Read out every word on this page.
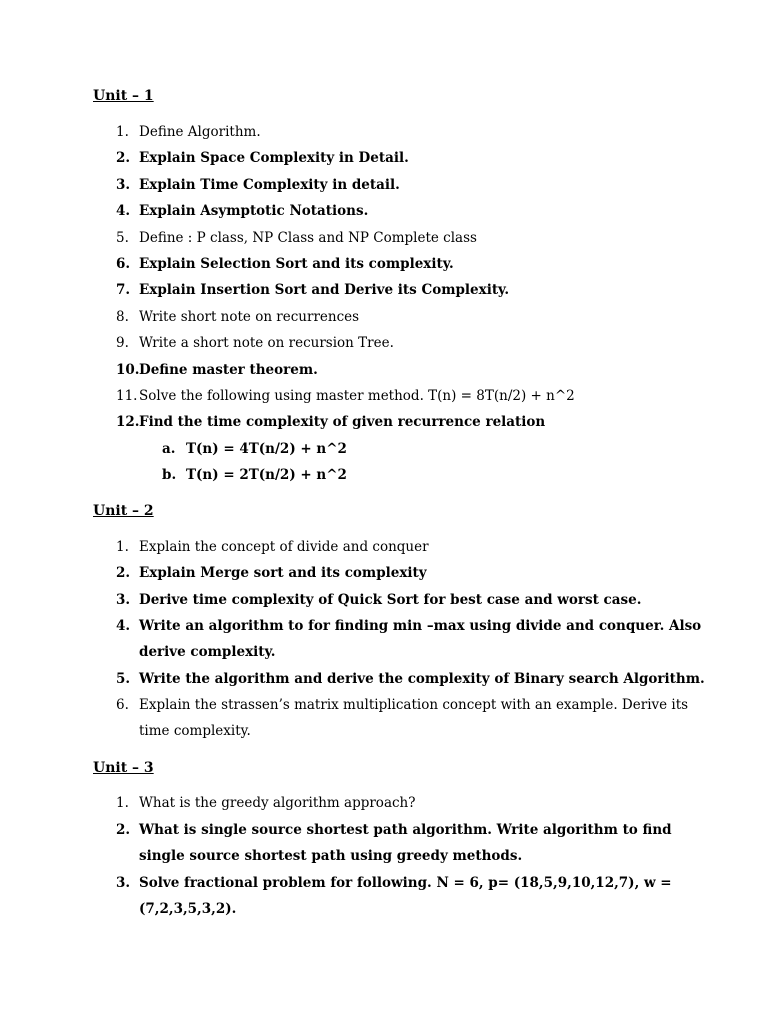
Unit – 1
1. Define Algorithm.
2. Explain Space Complexity in Detail.
3. Explain Time Complexity in detail.
4. Explain Asymptotic Notations.
5. Define : P class, NP Class and NP Complete class
6. Explain Selection Sort and its complexity.
7. Explain Insertion Sort and Derive its Complexity.
8. Write short note on recurrences
9. Write a short note on recursion Tree.
10. Define master theorem.
11. Solve the following using master method. T(n) = 8T(n/2) + n^2
12. Find the time complexity of given recurrence relation
a. T(n) = 4T(n/2) + n^2
b. T(n) = 2T(n/2) + n^2
Unit – 2
1. Explain the concept of divide and conquer
2. Explain Merge sort and its complexity
3. Derive time complexity of Quick Sort for best case and worst case.
4. Write an algorithm to for finding min –max using divide and conquer. Also
derive complexity.
5. Write the algorithm and derive the complexity of Binary search Algorithm.
6. Explain the strassen’s matrix multiplication concept with an example. Derive its
time complexity.
Unit – 3
1. What is the greedy algorithm approach?
2. What is single source shortest path algorithm. Write algorithm to find
single source shortest path using greedy methods.
3. Solve fractional problem for following. N = 6, p= (18,5,9,10,12,7), w =
(7,2,3,5,3,2).
